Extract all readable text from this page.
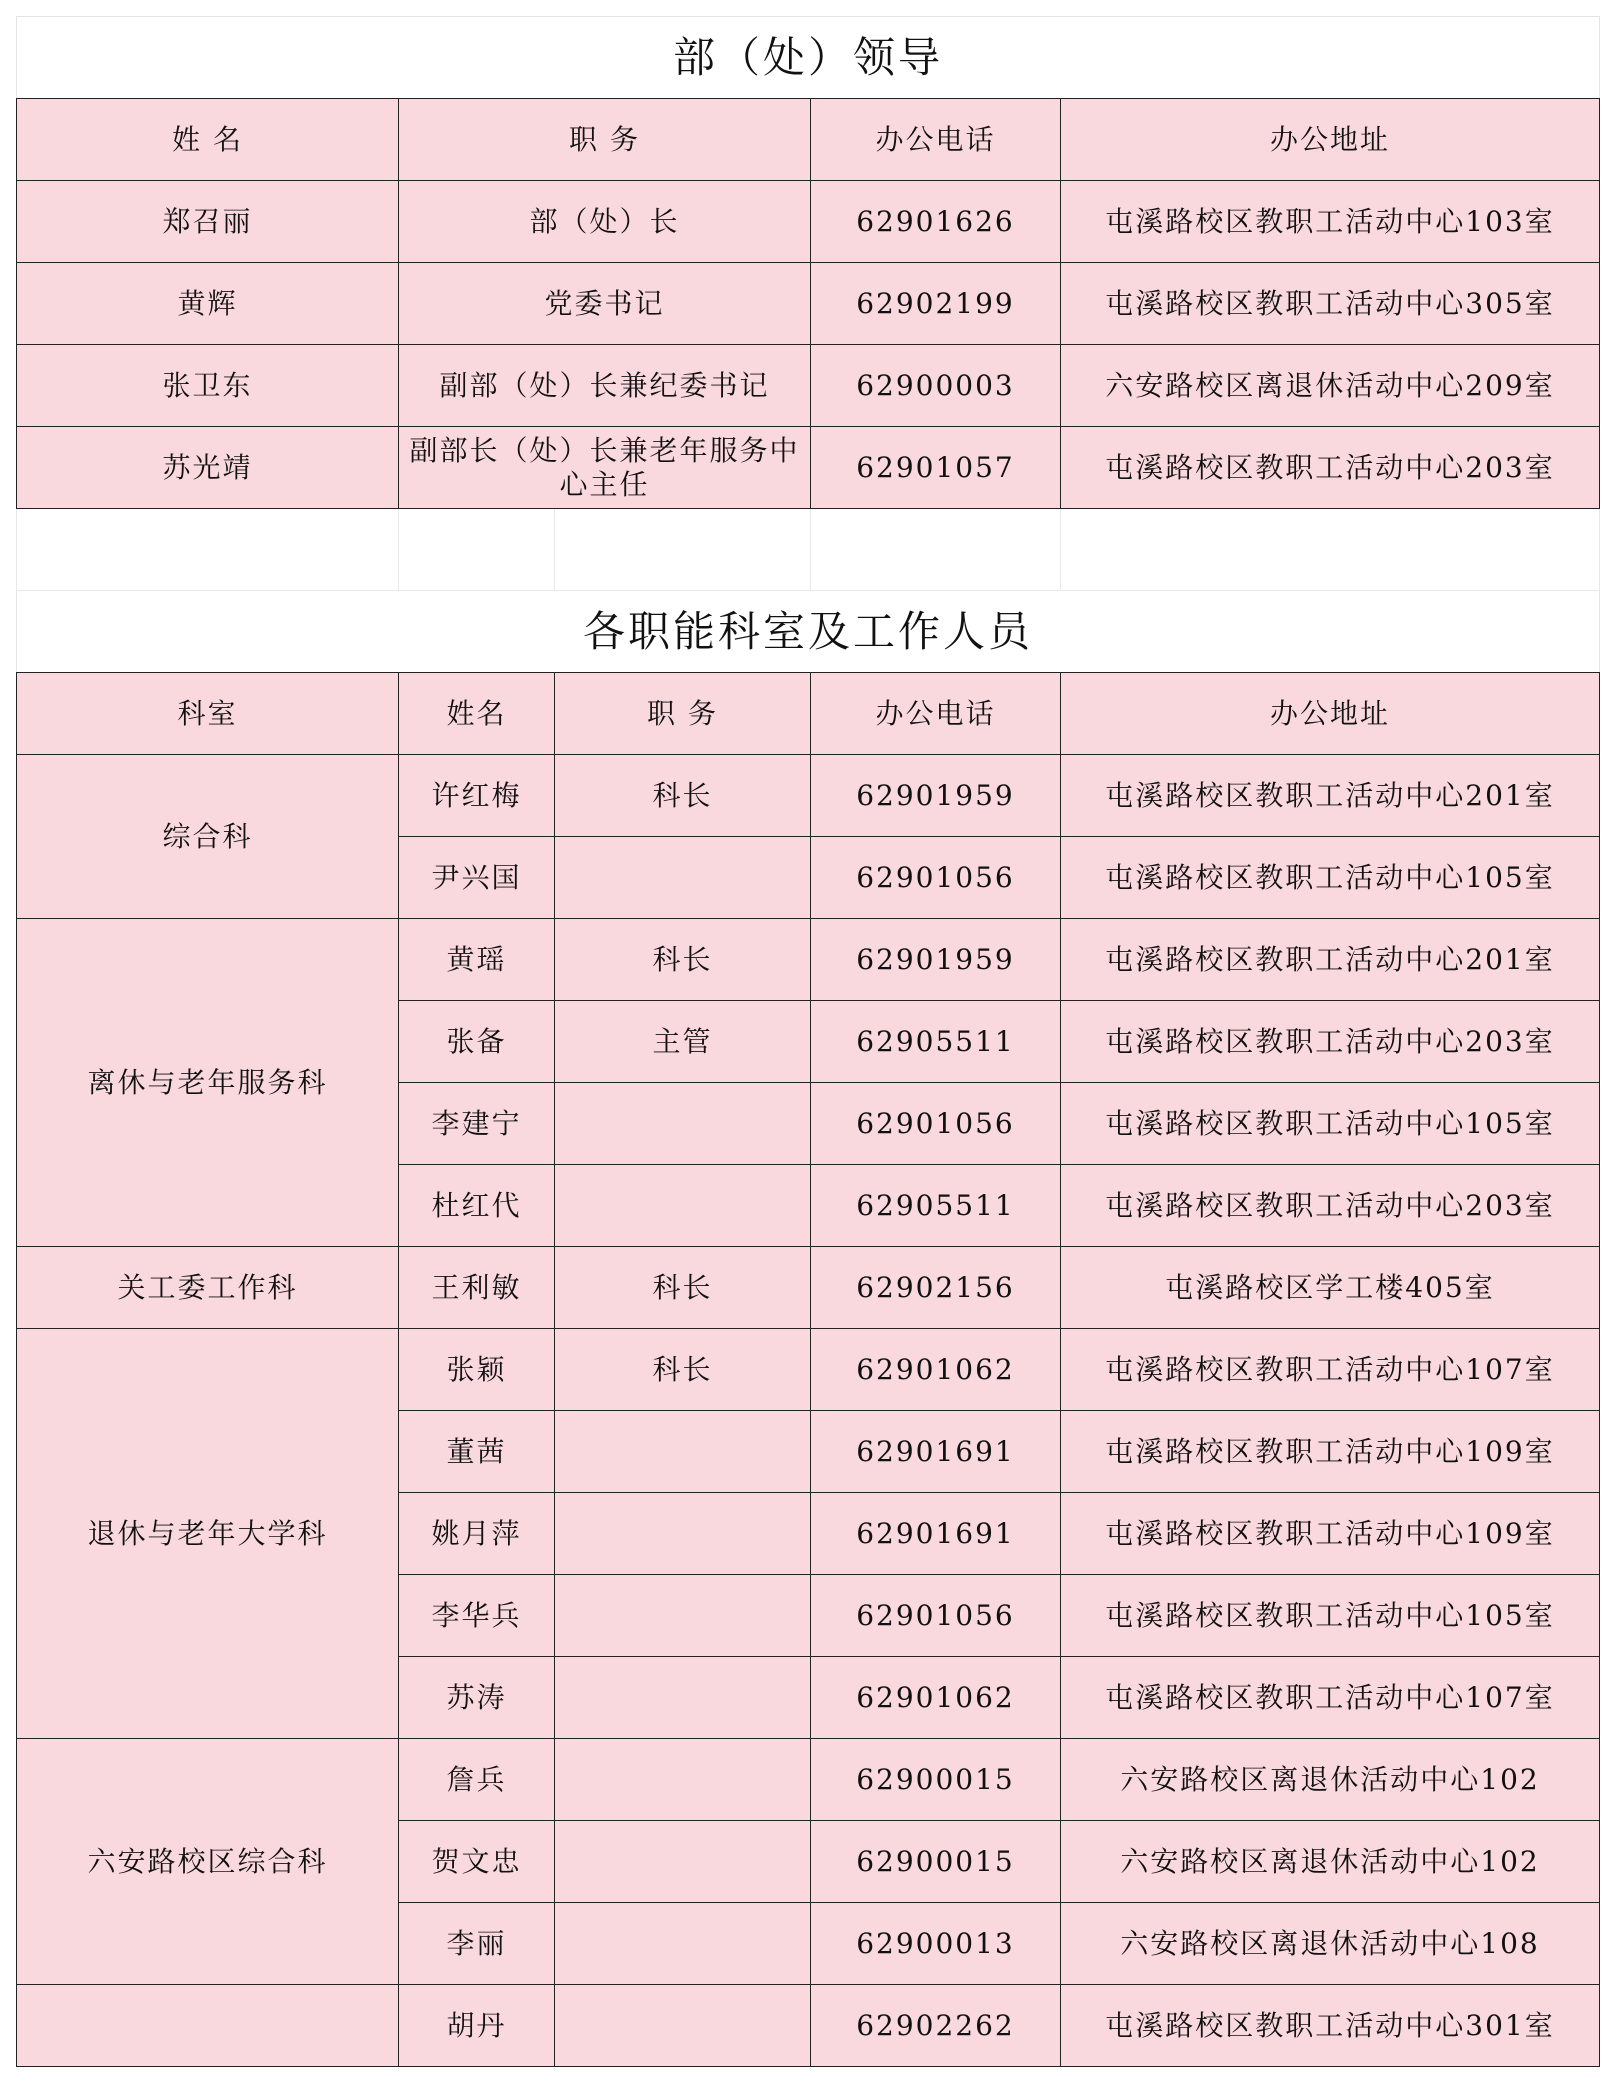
部（处）领导				
姓 名	职 务		办公电话	办公地址
郑召丽	部（处）长		62901626	屯溪路校区教职工活动中心103室
黄辉	党委书记		62902199	屯溪路校区教职工活动中心305室
张卫东	副部（处）长兼纪委书记		62900003	六安路校区离退休活动中心209室
苏光靖	副部长（处）长兼老年服务中心主任		62901057	屯溪路校区教职工活动中心203室

各职能科室及工作人员				
科室	姓名	职 务	办公电话	办公地址
综合科	许红梅	科长	62901959	屯溪路校区教职工活动中心201室
	尹兴国		62901056	屯溪路校区教职工活动中心105室
离休与老年服务科	黄瑶	科长	62901959	屯溪路校区教职工活动中心201室
	张备	主管	62905511	屯溪路校区教职工活动中心203室
	李建宁		62901056	屯溪路校区教职工活动中心105室
	杜红代		62905511	屯溪路校区教职工活动中心203室
关工委工作科	王利敏	科长	62902156	屯溪路校区学工楼405室
退休与老年大学科	张颖	科长	62901062	屯溪路校区教职工活动中心107室
	董茜		62901691	屯溪路校区教职工活动中心109室
	姚月萍		62901691	屯溪路校区教职工活动中心109室
	李华兵		62901056	屯溪路校区教职工活动中心105室
	苏涛		62901062	屯溪路校区教职工活动中心107室
六安路校区综合科	詹兵		62900015	六安路校区离退休活动中心102
	贺文忠		62900015	六安路校区离退休活动中心102
	李丽		62900013	六安路校区离退休活动中心108
	胡丹		62902262	屯溪路校区教职工活动中心301室
